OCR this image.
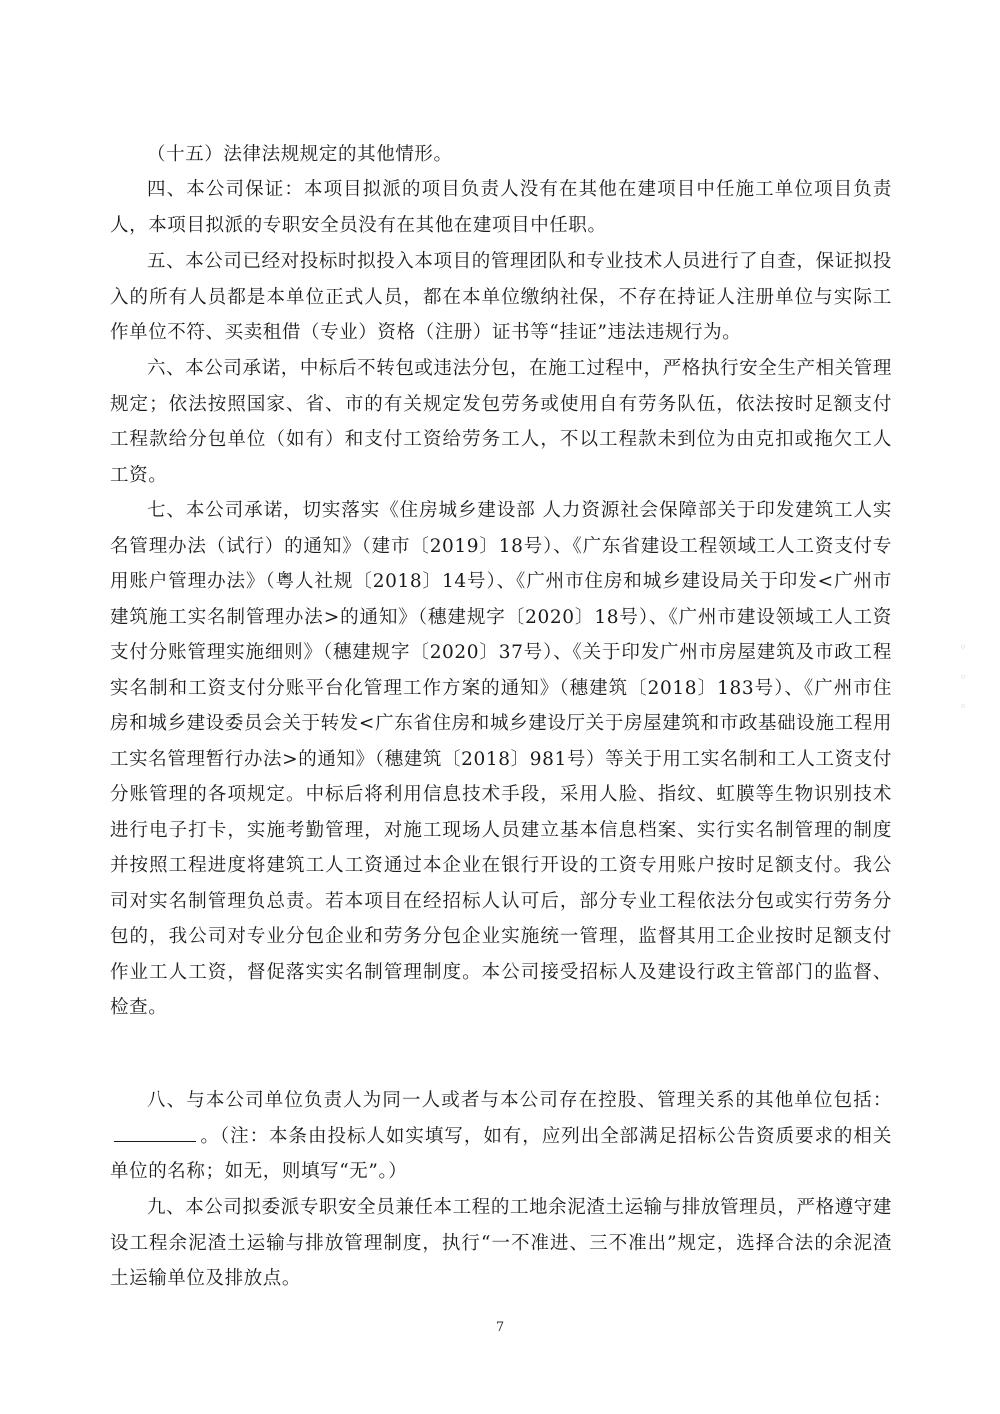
（十五）法律法规规定的其他情形。

四、本公司保证：本项目拟派的项目负责人没有在其他在建项目中任施工单位项目负责人，本项目拟派的专职安全员没有在其他在建项目中任职。

五、本公司已经对投标时拟投入本项目的管理团队和专业技术人员进行了自查，保证拟投入的所有人员都是本单位正式人员，都在本单位缴纳社保，不存在持证人注册单位与实际工作单位不符、买卖租借（专业）资格（注册）证书等“挂证”违法违规行为。

六、本公司承诺，中标后不转包或违法分包，在施工过程中，严格执行安全生产相关管理规定；依法按照国家、省、市的有关规定发包劳务或使用自有劳务队伍，依法按时足额支付工程款给分包单位（如有）和支付工资给劳务工人，不以工程款未到位为由克扣或拖欠工人工资。

七、本公司承诺，切实落实《住房城乡建设部 人力资源社会保障部关于印发建筑工人实名管理办法（试行）的通知》（建市〔2019〕18号）、《广东省建设工程领域工人工资支付专用账户管理办法》（粤人社规〔2018〕14号）、《广州市住房和城乡建设局关于印发<广州市建筑施工实名制管理办法>的通知》（穗建规字〔2020〕18号）、《广州市建设领域工人工资支付分账管理实施细则》（穗建规字〔2020〕37号）、《关于印发广州市房屋建筑及市政工程实名制和工资支付分账平台化管理工作方案的通知》（穗建筑〔2018〕183号）、《广州市住房和城乡建设委员会关于转发<广东省住房和城乡建设厅关于房屋建筑和市政基础设施工程用工实名管理暂行办法>的通知》（穗建筑〔2018〕981号）等关于用工实名制和工人工资支付分账管理的各项规定。中标后将利用信息技术手段，采用人脸、指纹、虹膜等生物识别技术进行电子打卡，实施考勤管理，对施工现场人员建立基本信息档案、实行实名制管理的制度并按照工程进度将建筑工人工资通过本企业在银行开设的工资专用账户按时足额支付。我公司对实名制管理负总责。若本项目在经招标人认可后，部分专业工程依法分包或实行劳务分包的，我公司对专业分包企业和劳务分包企业实施统一管理，监督其用工企业按时足额支付作业工人工资，督促落实实名制管理制度。本公司接受招标人及建设行政主管部门的监督、检查。

八、与本公司单位负责人为同一人或者与本公司存在控股、管理关系的其他单位包括：。（注：本条由投标人如实填写，如有，应列出全部满足招标公告资质要求的相关单位的名称；如无，则填写“无”。）

九、本公司拟委派专职安全员兼任本工程的工地余泥渣土运输与排放管理员，严格遵守建设工程余泥渣土运输与排放管理制度，执行“一不准进、三不准出”规定，选择合法的余泥渣土运输单位及排放点。

7
◦ ◦ ◦
